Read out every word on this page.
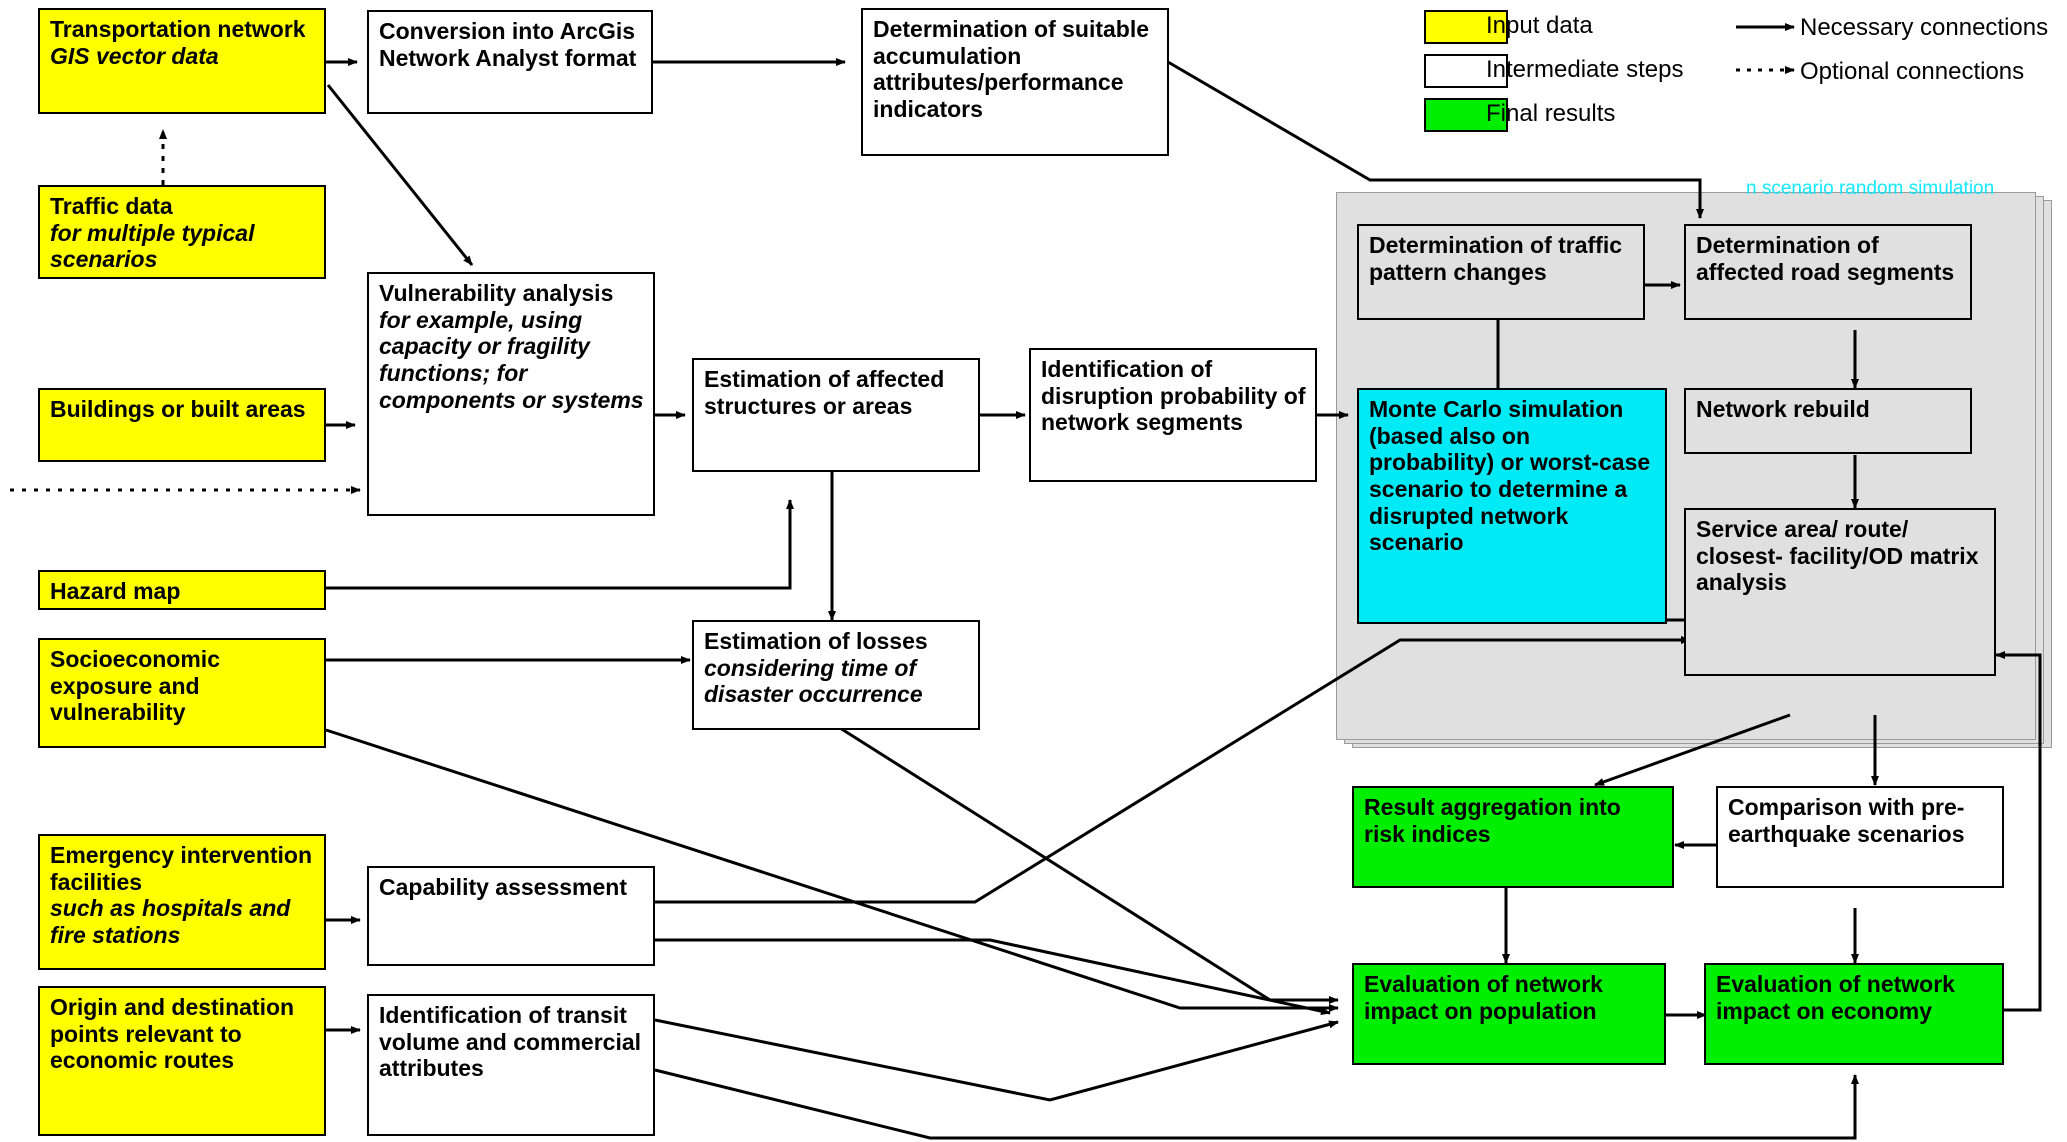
n scenario random simulation
Transportation network
GIS vector data
Traffic data
for multiple typical scenarios
Buildings or built areas
Hazard map
Socioeconomic exposure and vulnerability
Emergency intervention facilities
such as hospitals and fire stations
Origin and destination points relevant to economic routes
Conversion into ArcGis Network Analyst format
Determination of suitable accumulation attributes/performance indicators
Vulnerability analysis
for example, using capacity or fragility functions; for components or systems
Estimation of affected structures or areas
Identification of disruption probability of network segments
Estimation of losses
considering time of disaster occurrence
Capability assessment
Identification of transit volume and commercial attributes
Determination of traffic pattern changes
Determination of affected road segments
Monte Carlo simulation (based also on probability) or worst-case scenario to determine a disrupted network scenario
Network rebuild
Service area/ route/ closest- facility/OD matrix analysis
Result aggregation into risk indices
Comparison with pre-earthquake scenarios
Evaluation of network impact on population
Evaluation of network impact on economy
Input data
Intermediate steps
Final results
Necessary connections
Optional connections
